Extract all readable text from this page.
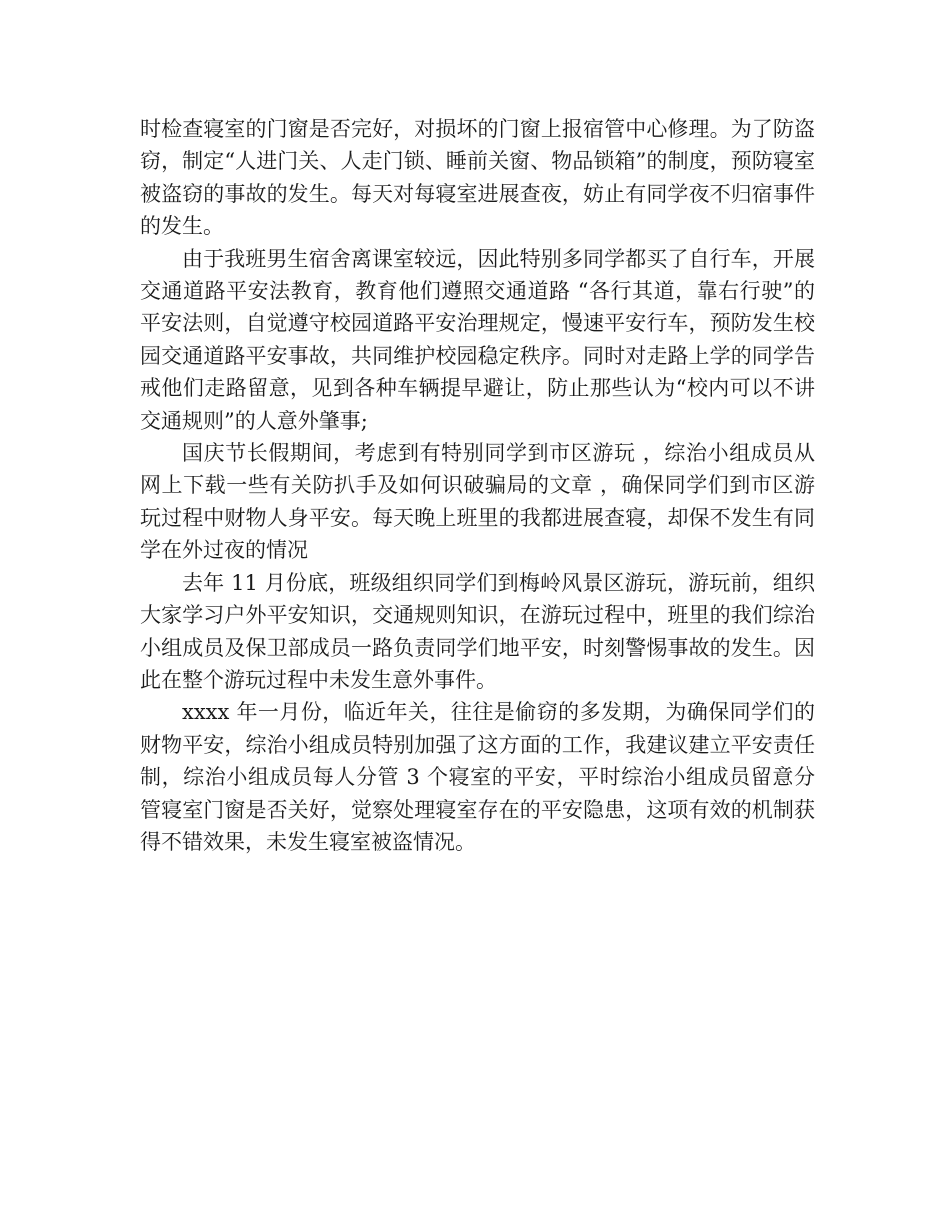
时检查寝室的门窗是否完好，对损坏的门窗上报宿管中心修理。为了防盗窃，制定“人进门关、人走门锁、睡前关窗、物品锁箱”的制度，预防寝室被盗窃的事故的发生。每天对每寝室进展查夜，妨止有同学夜不归宿事件的发生。

由于我班男生宿舍离课室较远，因此特别多同学都买了自行车，开展交通道路平安法教育，教育他们遵照交通道路 “各行其道，靠右行驶”的平安法则，自觉遵守校园道路平安治理规定，慢速平安行车，预防发生校园交通道路平安事故，共同维护校园稳定秩序。同时对走路上学的同学告戒他们走路留意，见到各种车辆提早避让，防止那些认为“校内可以不讲交通规则”的人意外肇事;

国庆节长假期间，考虑到有特别同学到市区游玩 ，综治小组成员从网上下载一些有关防扒手及如何识破骗局的文章 ，确保同学们到市区游玩过程中财物人身平安。每天晚上班里的我都进展查寝，却保不发生有同学在外过夜的情况

去年 11 月份底，班级组织同学们到梅岭风景区游玩，游玩前，组织大家学习户外平安知识，交通规则知识，在游玩过程中，班里的我们综治小组成员及保卫部成员一路负责同学们地平安，时刻警惕事故的发生。因此在整个游玩过程中未发生意外事件。

xxxx 年一月份，临近年关，往往是偷窃的多发期，为确保同学们的财物平安，综治小组成员特别加强了这方面的工作，我建议建立平安责任制，综治小组成员每人分管 3 个寝室的平安，平时综治小组成员留意分管寝室门窗是否关好，觉察处理寝室存在的平安隐患，这项有效的机制获得不错效果，未发生寝室被盗情况。
